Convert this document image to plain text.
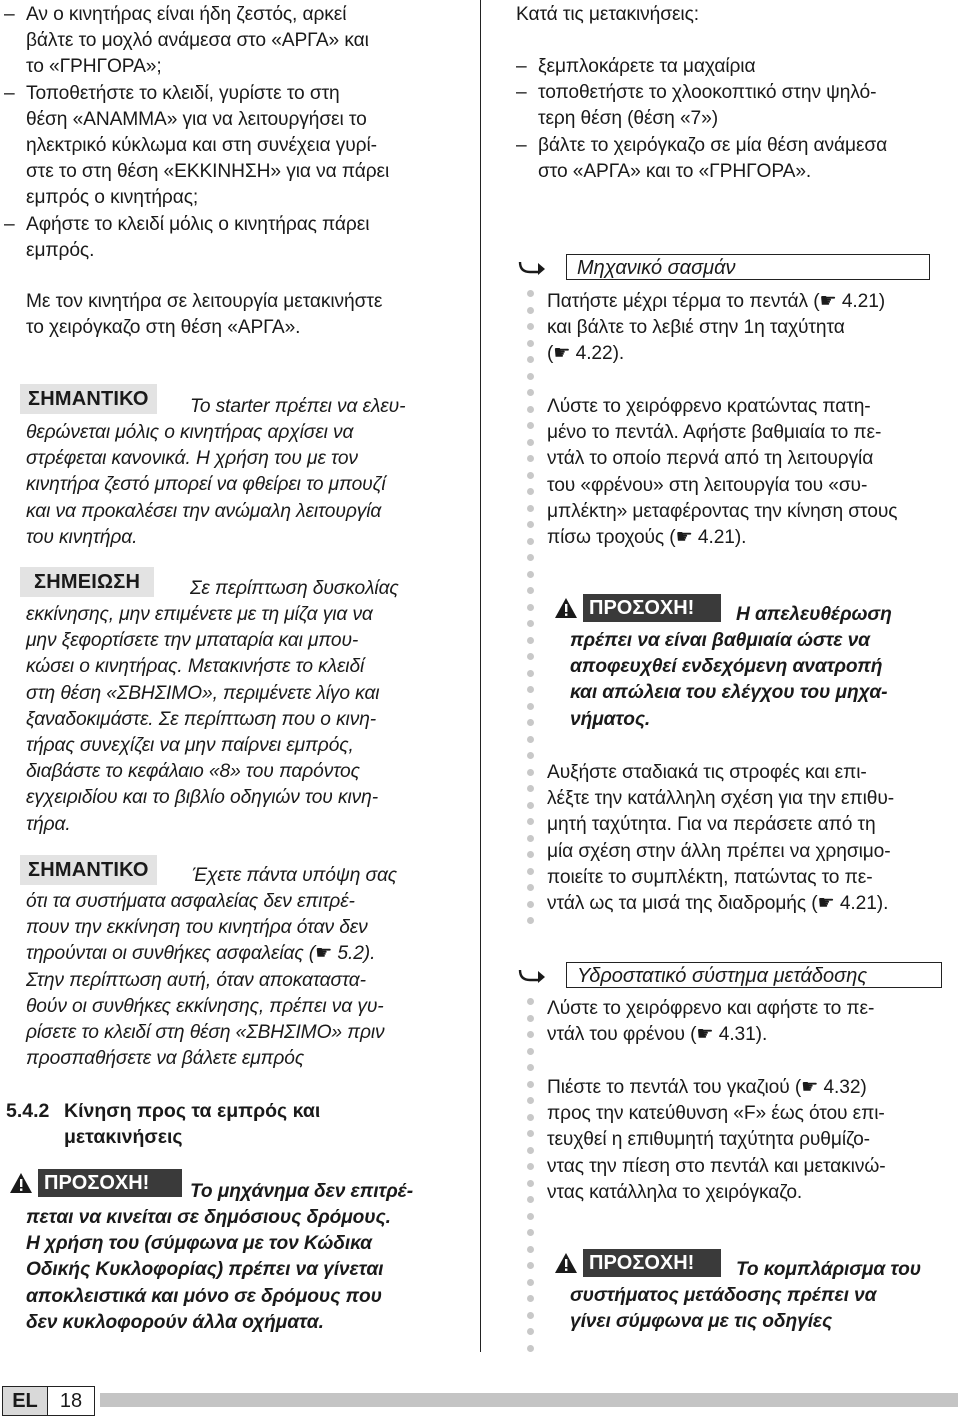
– Αν ο κινητήρας είναι ήδη ζεστός, αρκεί
βάλτε το μοχλό ανάμεσα στο «ΑΡΓΑ» και
το «ΓΡΗΓΟΡΑ»;
– Τοποθετήστε το κλειδί, γυρίστε το στη
θέση «ΑΝΑΜΜΑ» για να λειτουργήσει το
ηλεκτρικό κύκλωμα και στη συνέχεια γυρί-
στε το στη θέση «ΕΚΚΙΝΗΣΗ» για να πάρει
εμπρός ο κινητήρας;
– Αφήστε το κλειδί μόλις ο κινητήρας πάρει
εμπρός.
Με τον κινητήρα σε λειτουργία μετακινήστε
το χειρόγκαζο στη θέση «ΑΡΓΑ».
ΣΗΜΑΝΤΙΚΟ	Το starter πρέπει να ελευ-
θερώνεται μόλις ο κινητήρας αρχίσει να
στρέφεται κανονικά. Η χρήση του με τον
κινητήρα ζεστό μπορεί να φθείρει το μπουζί
και να προκαλέσει την ανώμαλη λειτουργία
του κινητήρα.
ΣΗΜΕΙΩΣΗ	Σε περίπτωση δυσκολίας
εκκίνησης, μην επιμένετε με τη μίζα για να
μην ξεφορτίσετε την μπαταρία και μπου-
κώσει ο κινητήρας. Μετακινήστε το κλειδί
στη θέση «ΣΒΗΣΙΜΟ», περιμένετε λίγο και
ξαναδοκιμάστε. Σε περίπτωση που ο κινη-
τήρας συνεχίζει να μην παίρνει εμπρός,
διαβάστε το κεφάλαιο «8» του παρόντος
εγχειριδίου και το βιβλίο οδηγιών του κινη-
τήρα.
ΣΗΜΑΝΤΙΚΟ	Έχετε πάντα υπόψη σας
ότι τα συστήματα ασφαλείας δεν επιτρέ-
πουν την εκκίνηση του κινητήρα όταν δεν
τηρούνται οι συνθήκες ασφαλείας (☛ 5.2).
Στην περίπτωση αυτή, όταν αποκαταστα-
θούν οι συνθήκες εκκίνησης, πρέπει να γυ-
ρίσετε το κλειδί στη θέση «ΣΒΗΣΙΜΟ» πριν
προσπαθήσετε να βάλετε εμπρός
5.4.2 Κίνηση προς τα εμπρός και
μετακινήσεις
ΠΡΟΣΟΧΗ!	Το μηχάνημα δεν επιτρέ-
πεται να κινείται σε δημόσιους δρόμους.
Η χρήση του (σύμφωνα με τον Κώδικα
Οδικής Κυκλοφορίας) πρέπει να γίνεται
αποκλειστικά και μόνο σε δρόμους που
δεν κυκλοφορούν άλλα οχήματα.
Κατά τις μετακινήσεις:
– ξεμπλοκάρετε τα μαχαίρια
– τοποθετήστε το χλοοκοπτικό στην ψηλό-
τερη θέση (θέση «7»)
– βάλτε το χειρόγκαζο σε μία θέση ανάμεσα
στο «ΑΡΓΑ» και το «ΓΡΗΓΟΡΑ».
Μηχανικό σασμάν
Πατήστε μέχρι τέρμα το πεντάλ (☛ 4.21)
και βάλτε το λεβιέ στην 1η ταχύτητα
(☛ 4.22).
Λύστε το χειρόφρενο κρατώντας πατη-
μένο το πεντάλ. Αφήστε βαθμιαία το πε-
ντάλ το οποίο περνά από τη λειτουργία
του «φρένου» στη λειτουργία του «συ-
μπλέκτη» μεταφέροντας την κίνηση στους
πίσω τροχούς (☛ 4.21).
ΠΡΟΣΟΧΗ!	Η απελευθέρωση
πρέπει να είναι βαθμιαία ώστε να
αποφευχθεί ενδεχόμενη ανατροπή
και απώλεια του ελέγχου του μηχα-
νήματος.
Αυξήστε σταδιακά τις στροφές και επι-
λέξτε την κατάλληλη σχέση για την επιθυ-
μητή ταχύτητα. Για να περάσετε από τη
μία σχέση στην άλλη πρέπει να χρησιμο-
ποιείτε το συμπλέκτη, πατώντας το πε-
ντάλ ως τα μισά της διαδρομής (☛ 4.21).
Υδροστατικό σύστημα μετάδοσης
Λύστε το χειρόφρενο και αφήστε το πε-
ντάλ του φρένου (☛ 4.31).
Πιέστε το πεντάλ του γκαζιού (☛ 4.32)
προς την κατεύθυνση «F» έως ότου επι-
τευχθεί η επιθυμητή ταχύτητα ρυθμίζο-
ντας την πίεση στο πεντάλ και μετακινώ-
ντας κατάλληλα το χειρόγκαζο.
ΠΡΟΣΟΧΗ!	Το κομπλάρισμα του
συστήματος μετάδοσης πρέπει να
γίνει σύμφωνα με τις οδηγίες
EL	18
